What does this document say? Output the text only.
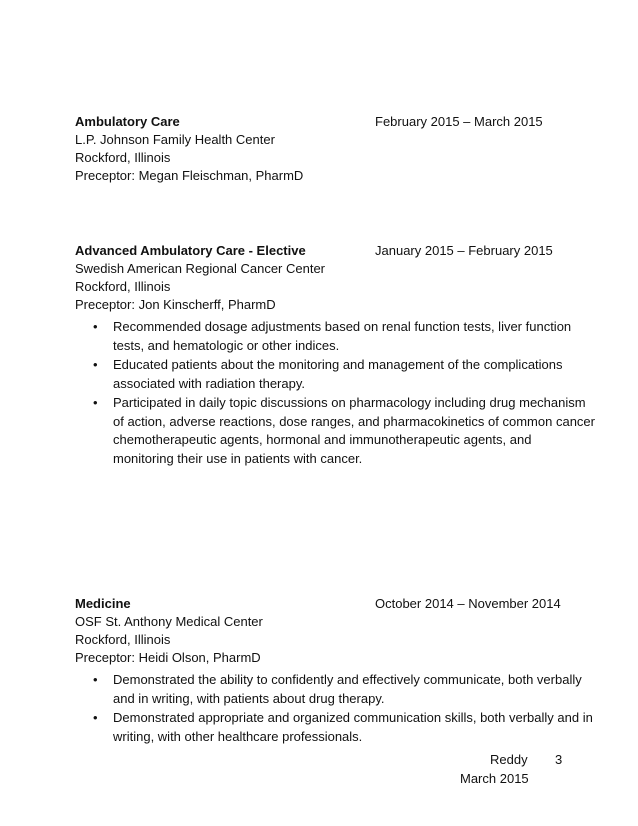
Ambulatory Care	February 2015 – March 2015
L.P. Johnson Family Health Center
Rockford, Illinois
Preceptor: Megan Fleischman, PharmD
Advanced Ambulatory Care - Elective	January 2015 – February 2015
Swedish American Regional Cancer Center
Rockford, Illinois
Preceptor: Jon Kinscherff, PharmD
• Recommended dosage adjustments based on renal function tests, liver function tests, and hematologic or other indices.
• Educated patients about the monitoring and management of the complications associated with radiation therapy.
• Participated in daily topic discussions on pharmacology including drug mechanism of action, adverse reactions, dose ranges, and pharmacokinetics of common cancer chemotherapeutic agents, hormonal and immunotherapeutic agents, and monitoring their use in patients with cancer.
Medicine	October 2014 – November 2014
OSF St. Anthony Medical Center
Rockford, Illinois
Preceptor: Heidi Olson, PharmD
• Demonstrated the ability to confidently and effectively communicate, both verbally and in writing, with patients about drug therapy.
• Demonstrated appropriate and organized communication skills, both verbally and in writing, with other healthcare professionals.
Reddy 3
March 2015
